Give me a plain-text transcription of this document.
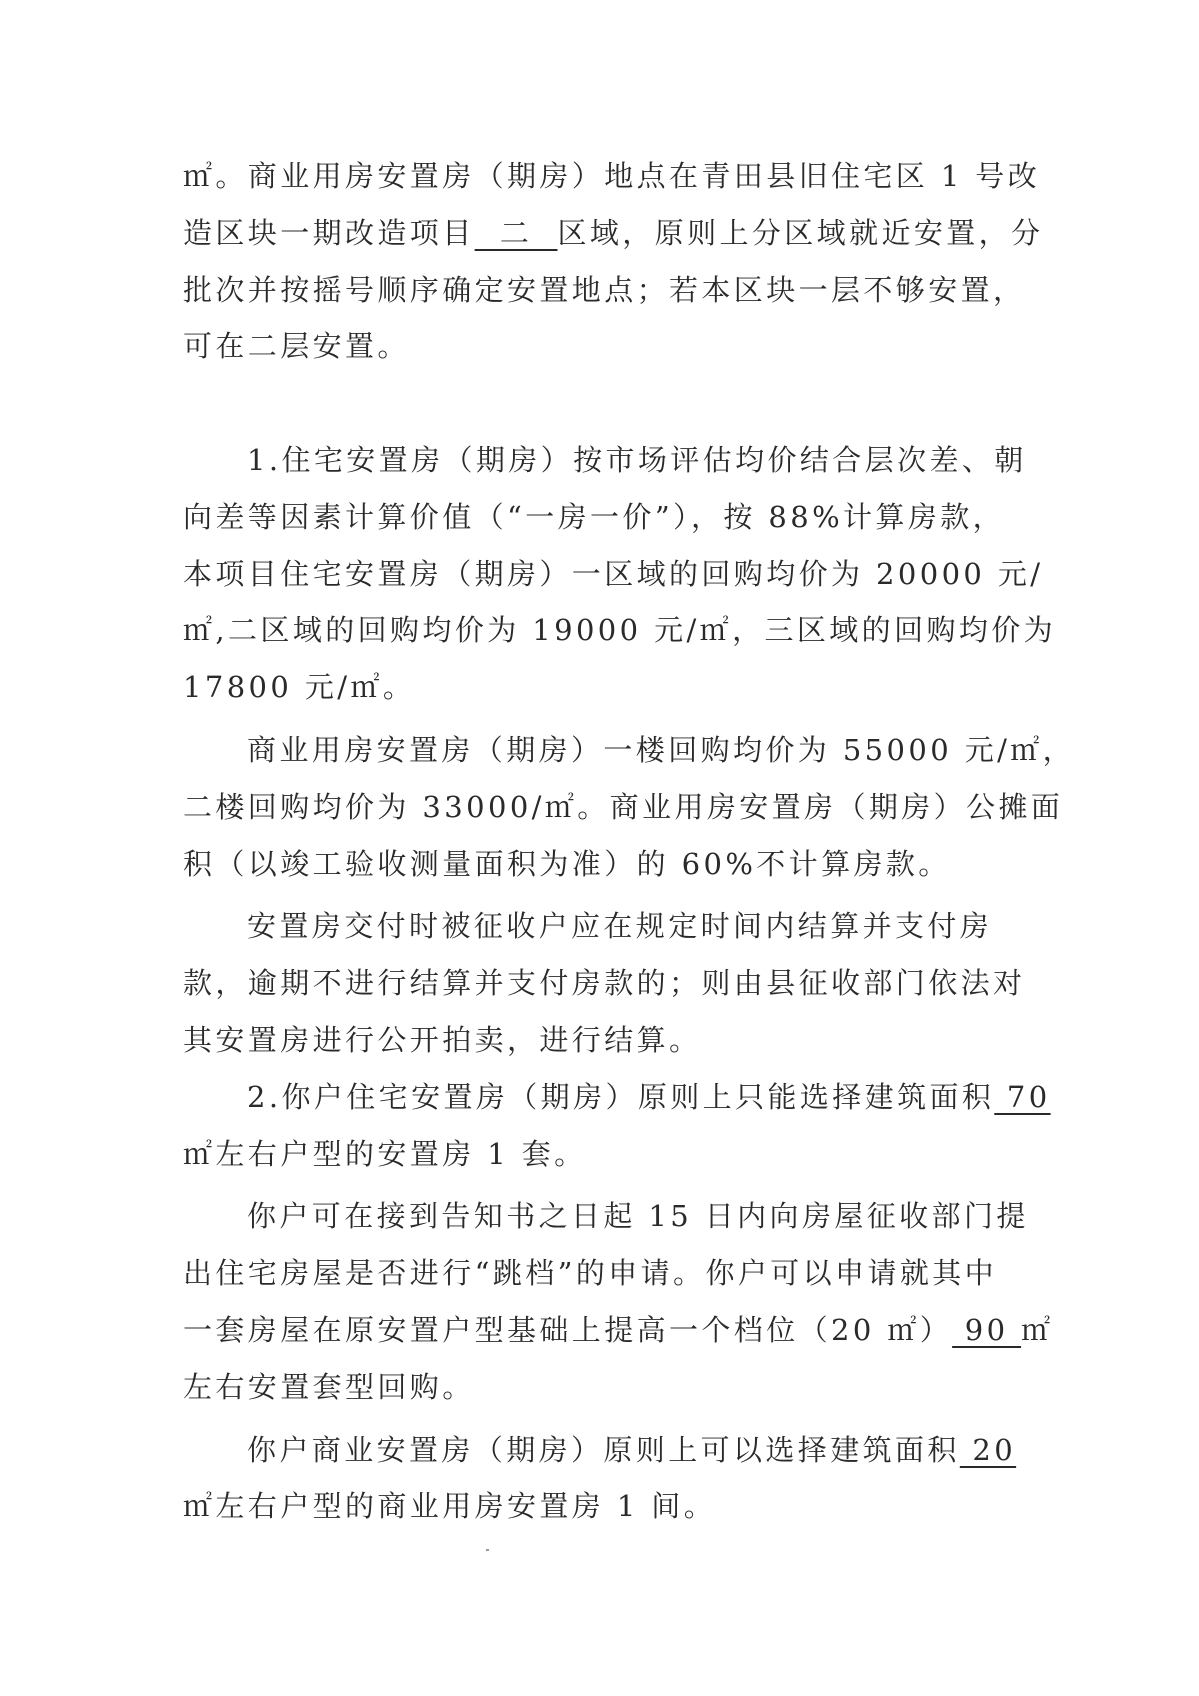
㎡。商业用房安置房（期房）地点在青田县旧住宅区 1 号改
造区块一期改造项目  二  区域，原则上分区域就近安置，分
批次并按摇号顺序确定安置地点；若本区块一层不够安置，
可在二层安置。
1.住宅安置房（期房）按市场评估均价结合层次差、朝
向差等因素计算价值（“一房一价”），按 88%计算房款，
本项目住宅安置房（期房）一区域的回购均价为 20000 元/
㎡,二区域的回购均价为 19000 元/㎡，三区域的回购均价为
17800 元/㎡。
商业用房安置房（期房）一楼回购均价为 55000 元/㎡，
二楼回购均价为 33000/㎡。商业用房安置房（期房）公摊面
积（以竣工验收测量面积为准）的 60%不计算房款。
安置房交付时被征收户应在规定时间内结算并支付房
款，逾期不进行结算并支付房款的；则由县征收部门依法对
其安置房进行公开拍卖，进行结算。
2.你户住宅安置房（期房）原则上只能选择建筑面积 70
㎡左右户型的安置房 1 套。
你户可在接到告知书之日起 15 日内向房屋征收部门提
出住宅房屋是否进行“跳档”的申请。你户可以申请就其中
一套房屋在原安置户型基础上提高一个档位（20 ㎡） 90 ㎡
左右安置套型回购。
你户商业安置房（期房）原则上可以选择建筑面积 20
㎡左右户型的商业用房安置房 1 间。
